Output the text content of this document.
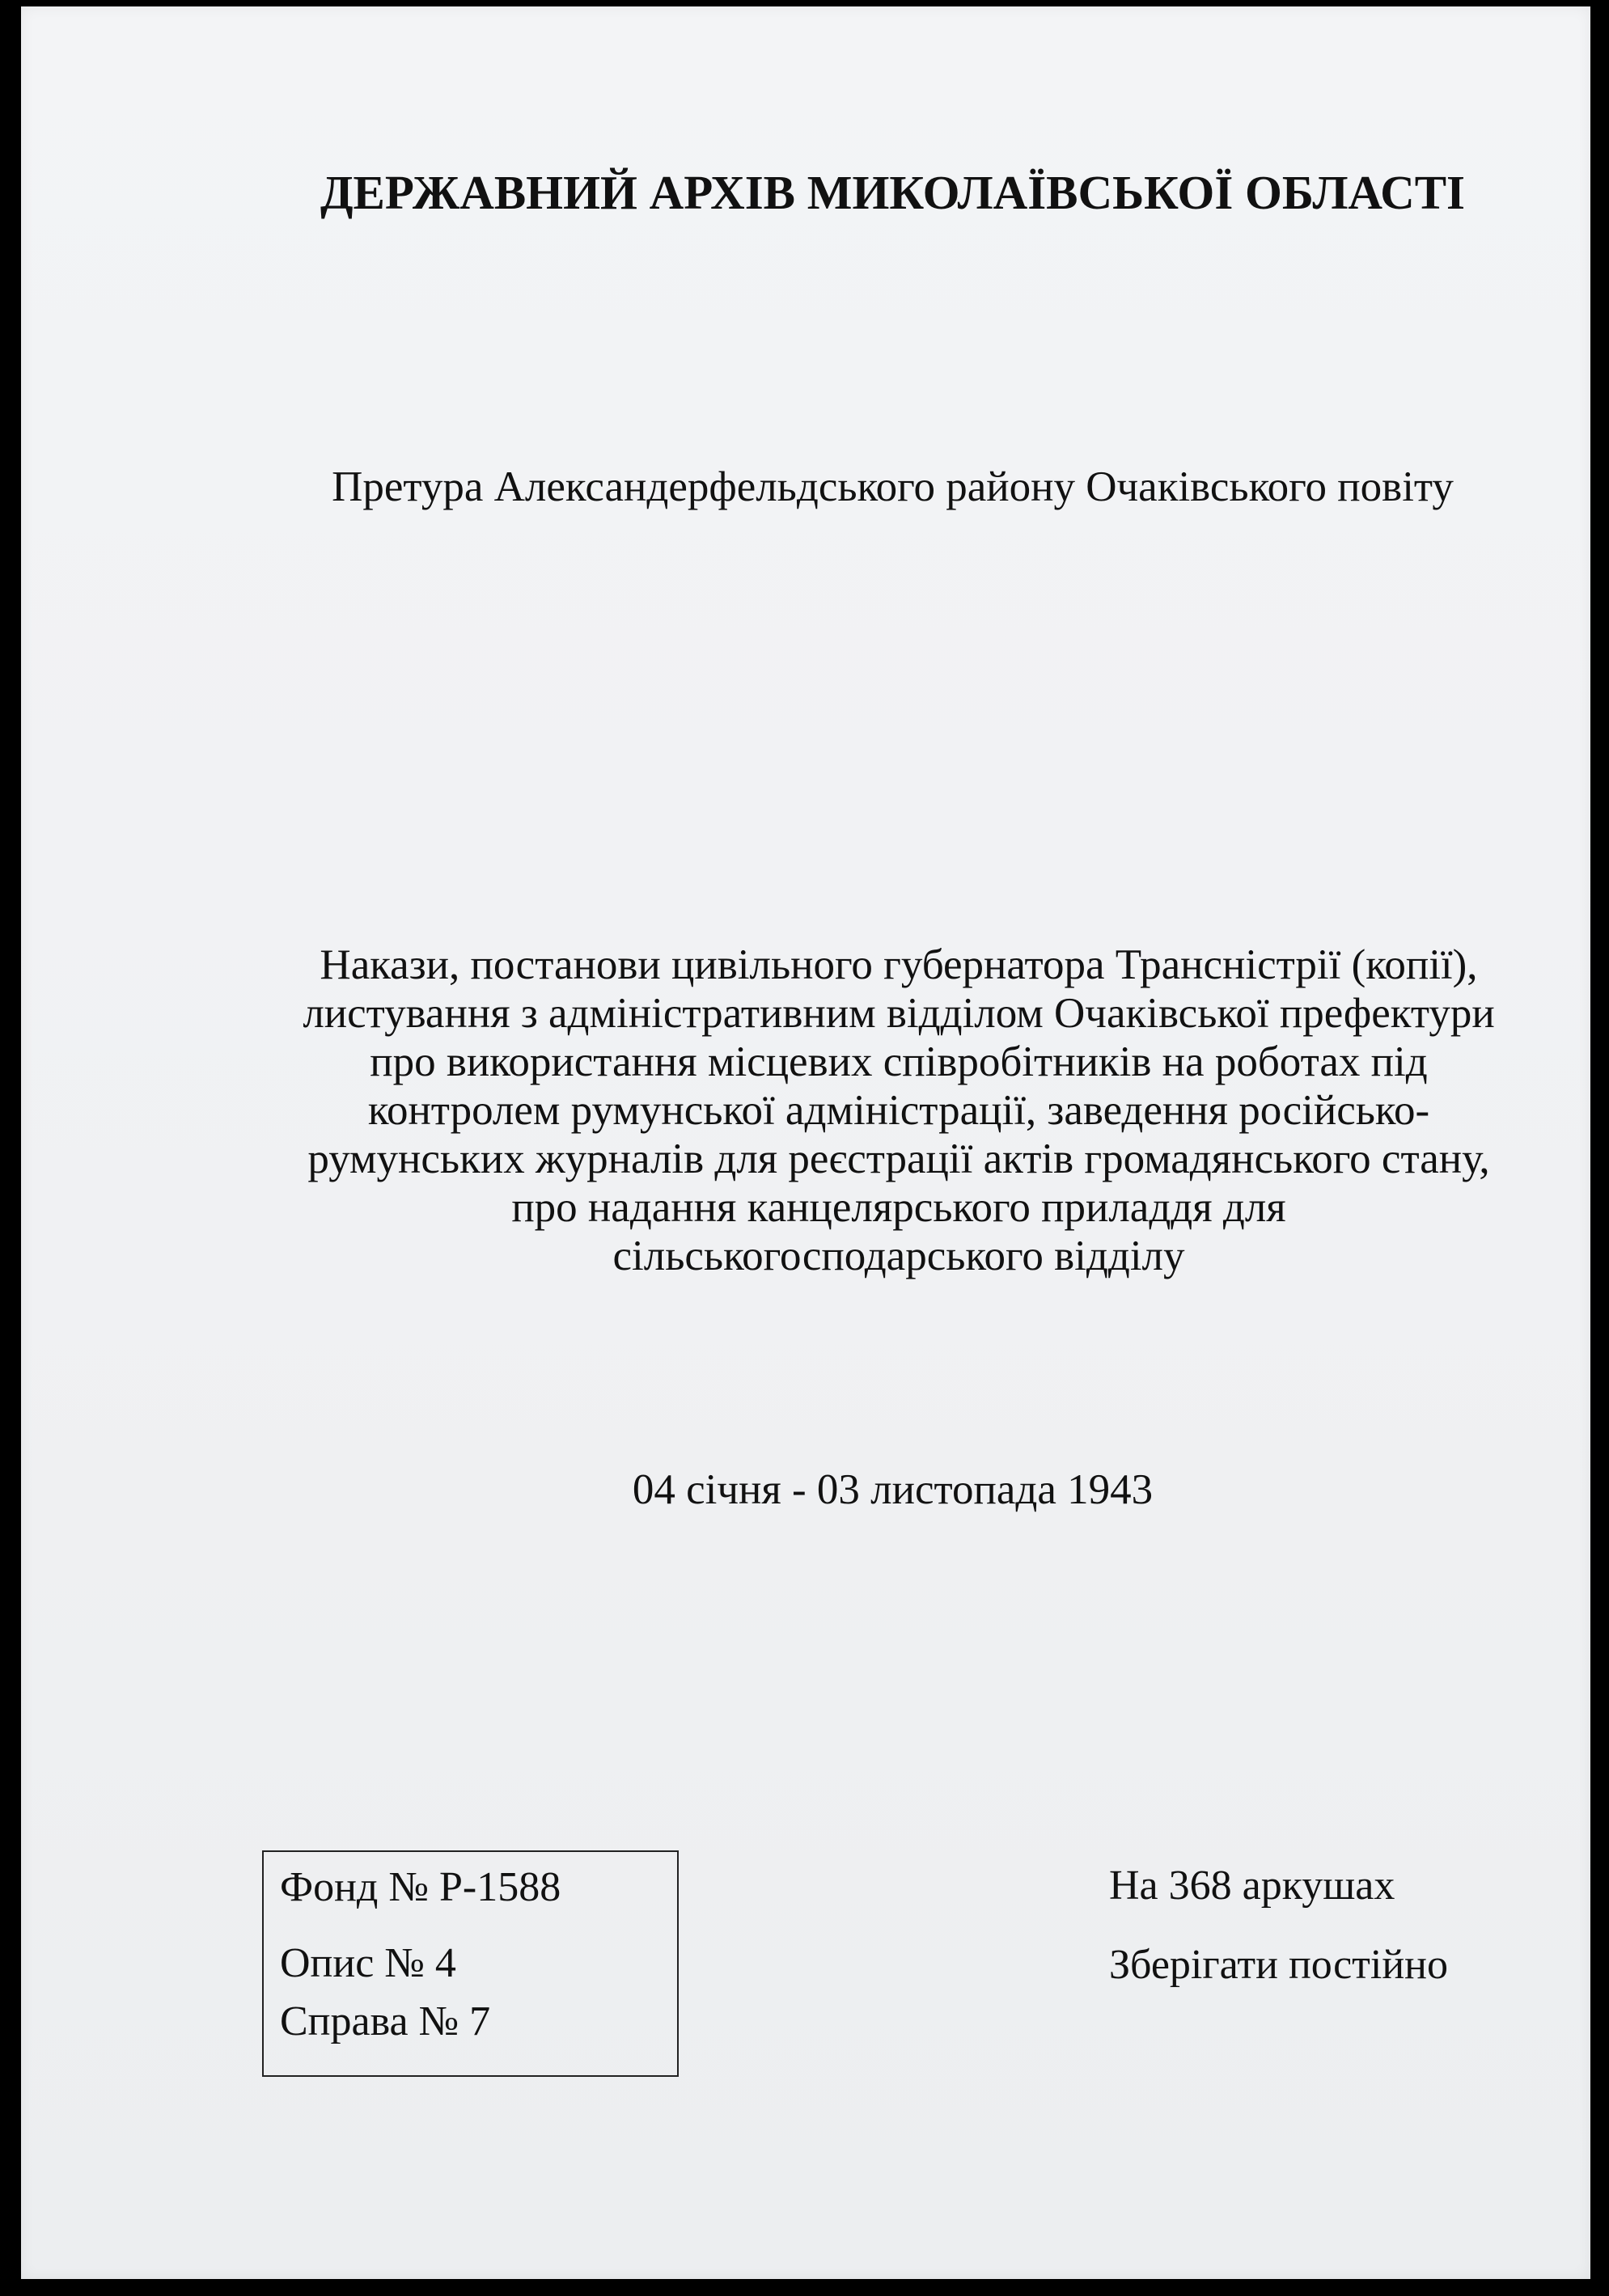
ДЕРЖАВНИЙ АРХІВ МИКОЛАЇВСЬКОЇ ОБЛАСТІ
Претура Александерфельдського району Очаківського повіту
Накази, постанови цивільного губернатора Трансністрії (копії),
листування з адміністративним відділом Очаківської префектури
про використання місцевих співробітників на роботах під
контролем румунської адміністрації, заведення російсько-
румунських журналів для реєстрації актів громадянського стану,
про надання канцелярського приладдя для
сільськогосподарського відділу
04 січня - 03 листопада 1943
Фонд № Р-1588
Опис № 4
Справа № 7
На 368 аркушах
Зберігати постійно
